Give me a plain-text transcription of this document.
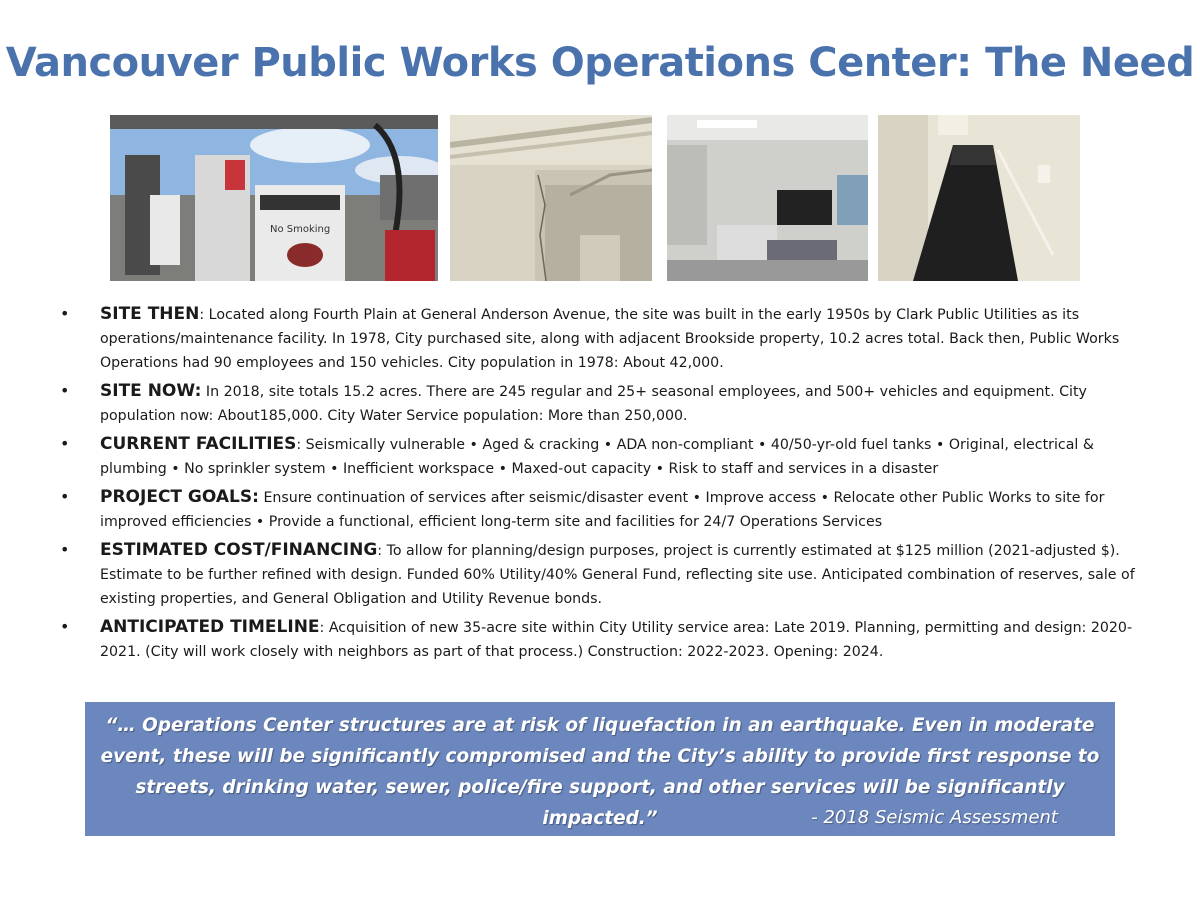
Vancouver Public Works Operations Center: The Need
No Smoking
• SITE THEN: Located along Fourth Plain at General Anderson Avenue, the site was built in the early 1950s by Clark Public Utilities as its operations/maintenance facility. In 1978, City purchased site, along with adjacent Brookside property, 10.2 acres total. Back then, Public Works Operations had 90 employees and 150 vehicles. City population in 1978: About 42,000.
• SITE NOW: In 2018, site totals 15.2 acres. There are 245 regular and 25+ seasonal employees, and 500+ vehicles and equipment. City population now: About185,000. City Water Service population: More than 250,000.
• CURRENT FACILITIES: Seismically vulnerable • Aged & cracking • ADA non-compliant • 40/50-yr-old fuel tanks • Original, electrical & plumbing • No sprinkler system • Inefficient workspace • Maxed-out capacity • Risk to staff and services in a disaster
• PROJECT GOALS: Ensure continuation of services after seismic/disaster event • Improve access • Relocate other Public Works to site for improved efficiencies • Provide a functional, efficient long-term site and facilities for 24/7 Operations Services
• ESTIMATED COST/FINANCING: To allow for planning/design purposes, project is currently estimated at $125 million (2021-adjusted $). Estimate to be further refined with design. Funded 60% Utility/40% General Fund, reflecting site use. Anticipated combination of reserves, sale of existing properties, and General Obligation and Utility Revenue bonds.
• ANTICIPATED TIMELINE: Acquisition of new 35-acre site within City Utility service area: Late 2019. Planning, permitting and design: 2020-2021. (City will work closely with neighbors as part of that process.) Construction: 2022-2023. Opening: 2024.
“… Operations Center structures are at risk of liquefaction in an earthquake. Even in moderate event, these will be significantly compromised and the City’s ability to provide first response to streets, drinking water, sewer, police/fire support, and other services will be significantly impacted.”	- 2018 Seismic Assessment
